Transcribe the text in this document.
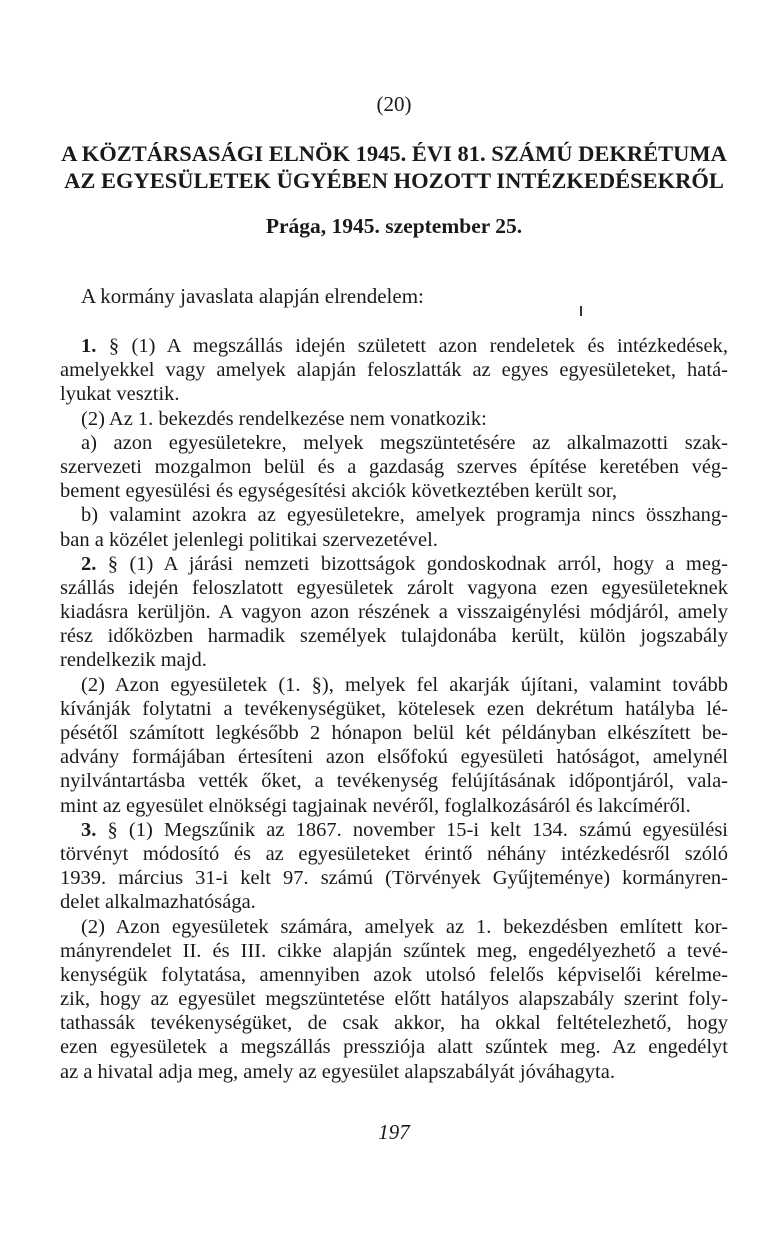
(20)
A KÖZTÁRSASÁGI ELNÖK 1945. ÉVI 81. SZÁMÚ DEKRÉTUMA
AZ EGYESÜLETEK ÜGYÉBEN HOZOTT INTÉZKEDÉSEKRŐL
Prága, 1945. szeptember 25.
A kormány javaslata alapján elrendelem:
1. § (1) A megszállás idején született azon rendeletek és intézkedések,
amelyekkel vagy amelyek alapján feloszlatták az egyes egyesületeket, hatá-
lyukat vesztik.
(2) Az 1. bekezdés rendelkezése nem vonatkozik:
a) azon egyesületekre, melyek megszüntetésére az alkalmazotti szak-
szervezeti mozgalmon belül és a gazdaság szerves építése keretében vég-
bement egyesülési és egységesítési akciók következtében került sor,
b) valamint azokra az egyesületekre, amelyek programja nincs összhang-
ban a közélet jelenlegi politikai szervezetével.
2. § (1) A járási nemzeti bizottságok gondoskodnak arról, hogy a meg-
szállás idején feloszlatott egyesületek zárolt vagyona ezen egyesületeknek
kiadásra kerüljön. A vagyon azon részének a visszaigénylési módjáról, amely
rész időközben harmadik személyek tulajdonába került, külön jogszabály
rendelkezik majd.
(2) Azon egyesületek (1. §), melyek fel akarják újítani, valamint tovább
kívánják folytatni a tevékenységüket, kötelesek ezen dekrétum hatályba lé-
pésétől számított legkésőbb 2 hónapon belül két példányban elkészített be-
advány formájában értesíteni azon elsőfokú egyesületi hatóságot, amelynél
nyilvántartásba vették őket, a tevékenység felújításának időpontjáról, vala-
mint az egyesület elnökségi tagjainak nevéről, foglalkozásáról és lakcíméről.
3. § (1) Megszűnik az 1867. november 15-i kelt 134. számú egyesülési
törvényt módosító és az egyesületeket érintő néhány intézkedésről szóló
1939. március 31-i kelt 97. számú (Törvények Gyűjteménye) kormányren-
delet alkalmazhatósága.
(2) Azon egyesületek számára, amelyek az 1. bekezdésben említett kor-
mányrendelet II. és III. cikke alapján szűntek meg, engedélyezhető a tevé-
kenységük folytatása, amennyiben azok utolsó felelős képviselői kérelme-
zik, hogy az egyesület megszüntetése előtt hatályos alapszabály szerint foly-
tathassák tevékenységüket, de csak akkor, ha okkal feltételezhető, hogy
ezen egyesületek a megszállás pressziója alatt szűntek meg. Az engedélyt
az a hivatal adja meg, amely az egyesület alapszabályát jóváhagyta.
197
